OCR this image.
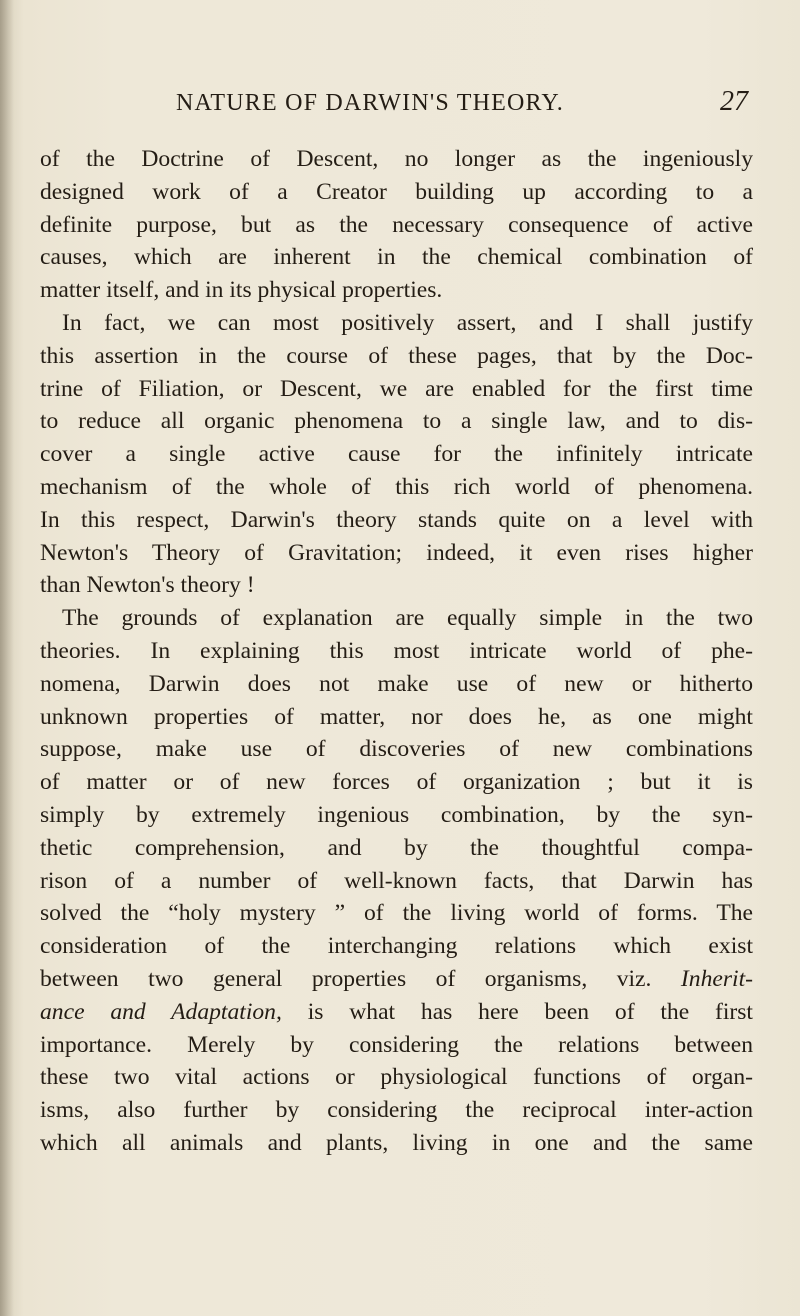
NATURE OF DARWIN'S THEORY.	27
of the Doctrine of Descent, no longer as the ingeniously
designed work of a Creator building up according to a
definite purpose, but as the necessary consequence of active
causes, which are inherent in the chemical combination of
matter itself, and in its physical properties.
In fact, we can most positively assert, and I shall justify
this assertion in the course of these pages, that by the Doc-
trine of Filiation, or Descent, we are enabled for the first time
to reduce all organic phenomena to a single law, and to dis-
cover a single active cause for the infinitely intricate
mechanism of the whole of this rich world of phenomena.
In this respect, Darwin's theory stands quite on a level with
Newton's Theory of Gravitation; indeed, it even rises higher
than Newton's theory !
The grounds of explanation are equally simple in the two
theories. In explaining this most intricate world of phe-
nomena, Darwin does not make use of new or hitherto
unknown properties of matter, nor does he, as one might
suppose, make use of discoveries of new combinations
of matter or of new forces of organization ; but it is
simply by extremely ingenious combination, by the syn-
thetic comprehension, and by the thoughtful compa-
rison of a number of well-known facts, that Darwin has
solved the “holy mystery ” of the living world of forms. The
consideration of the interchanging relations which exist
between two general properties of organisms, viz. Inherit-
ance and Adaptation, is what has here been of the first
importance. Merely by considering the relations between
these two vital actions or physiological functions of organ-
isms, also further by considering the reciprocal inter-action
which all animals and plants, living in one and the same
